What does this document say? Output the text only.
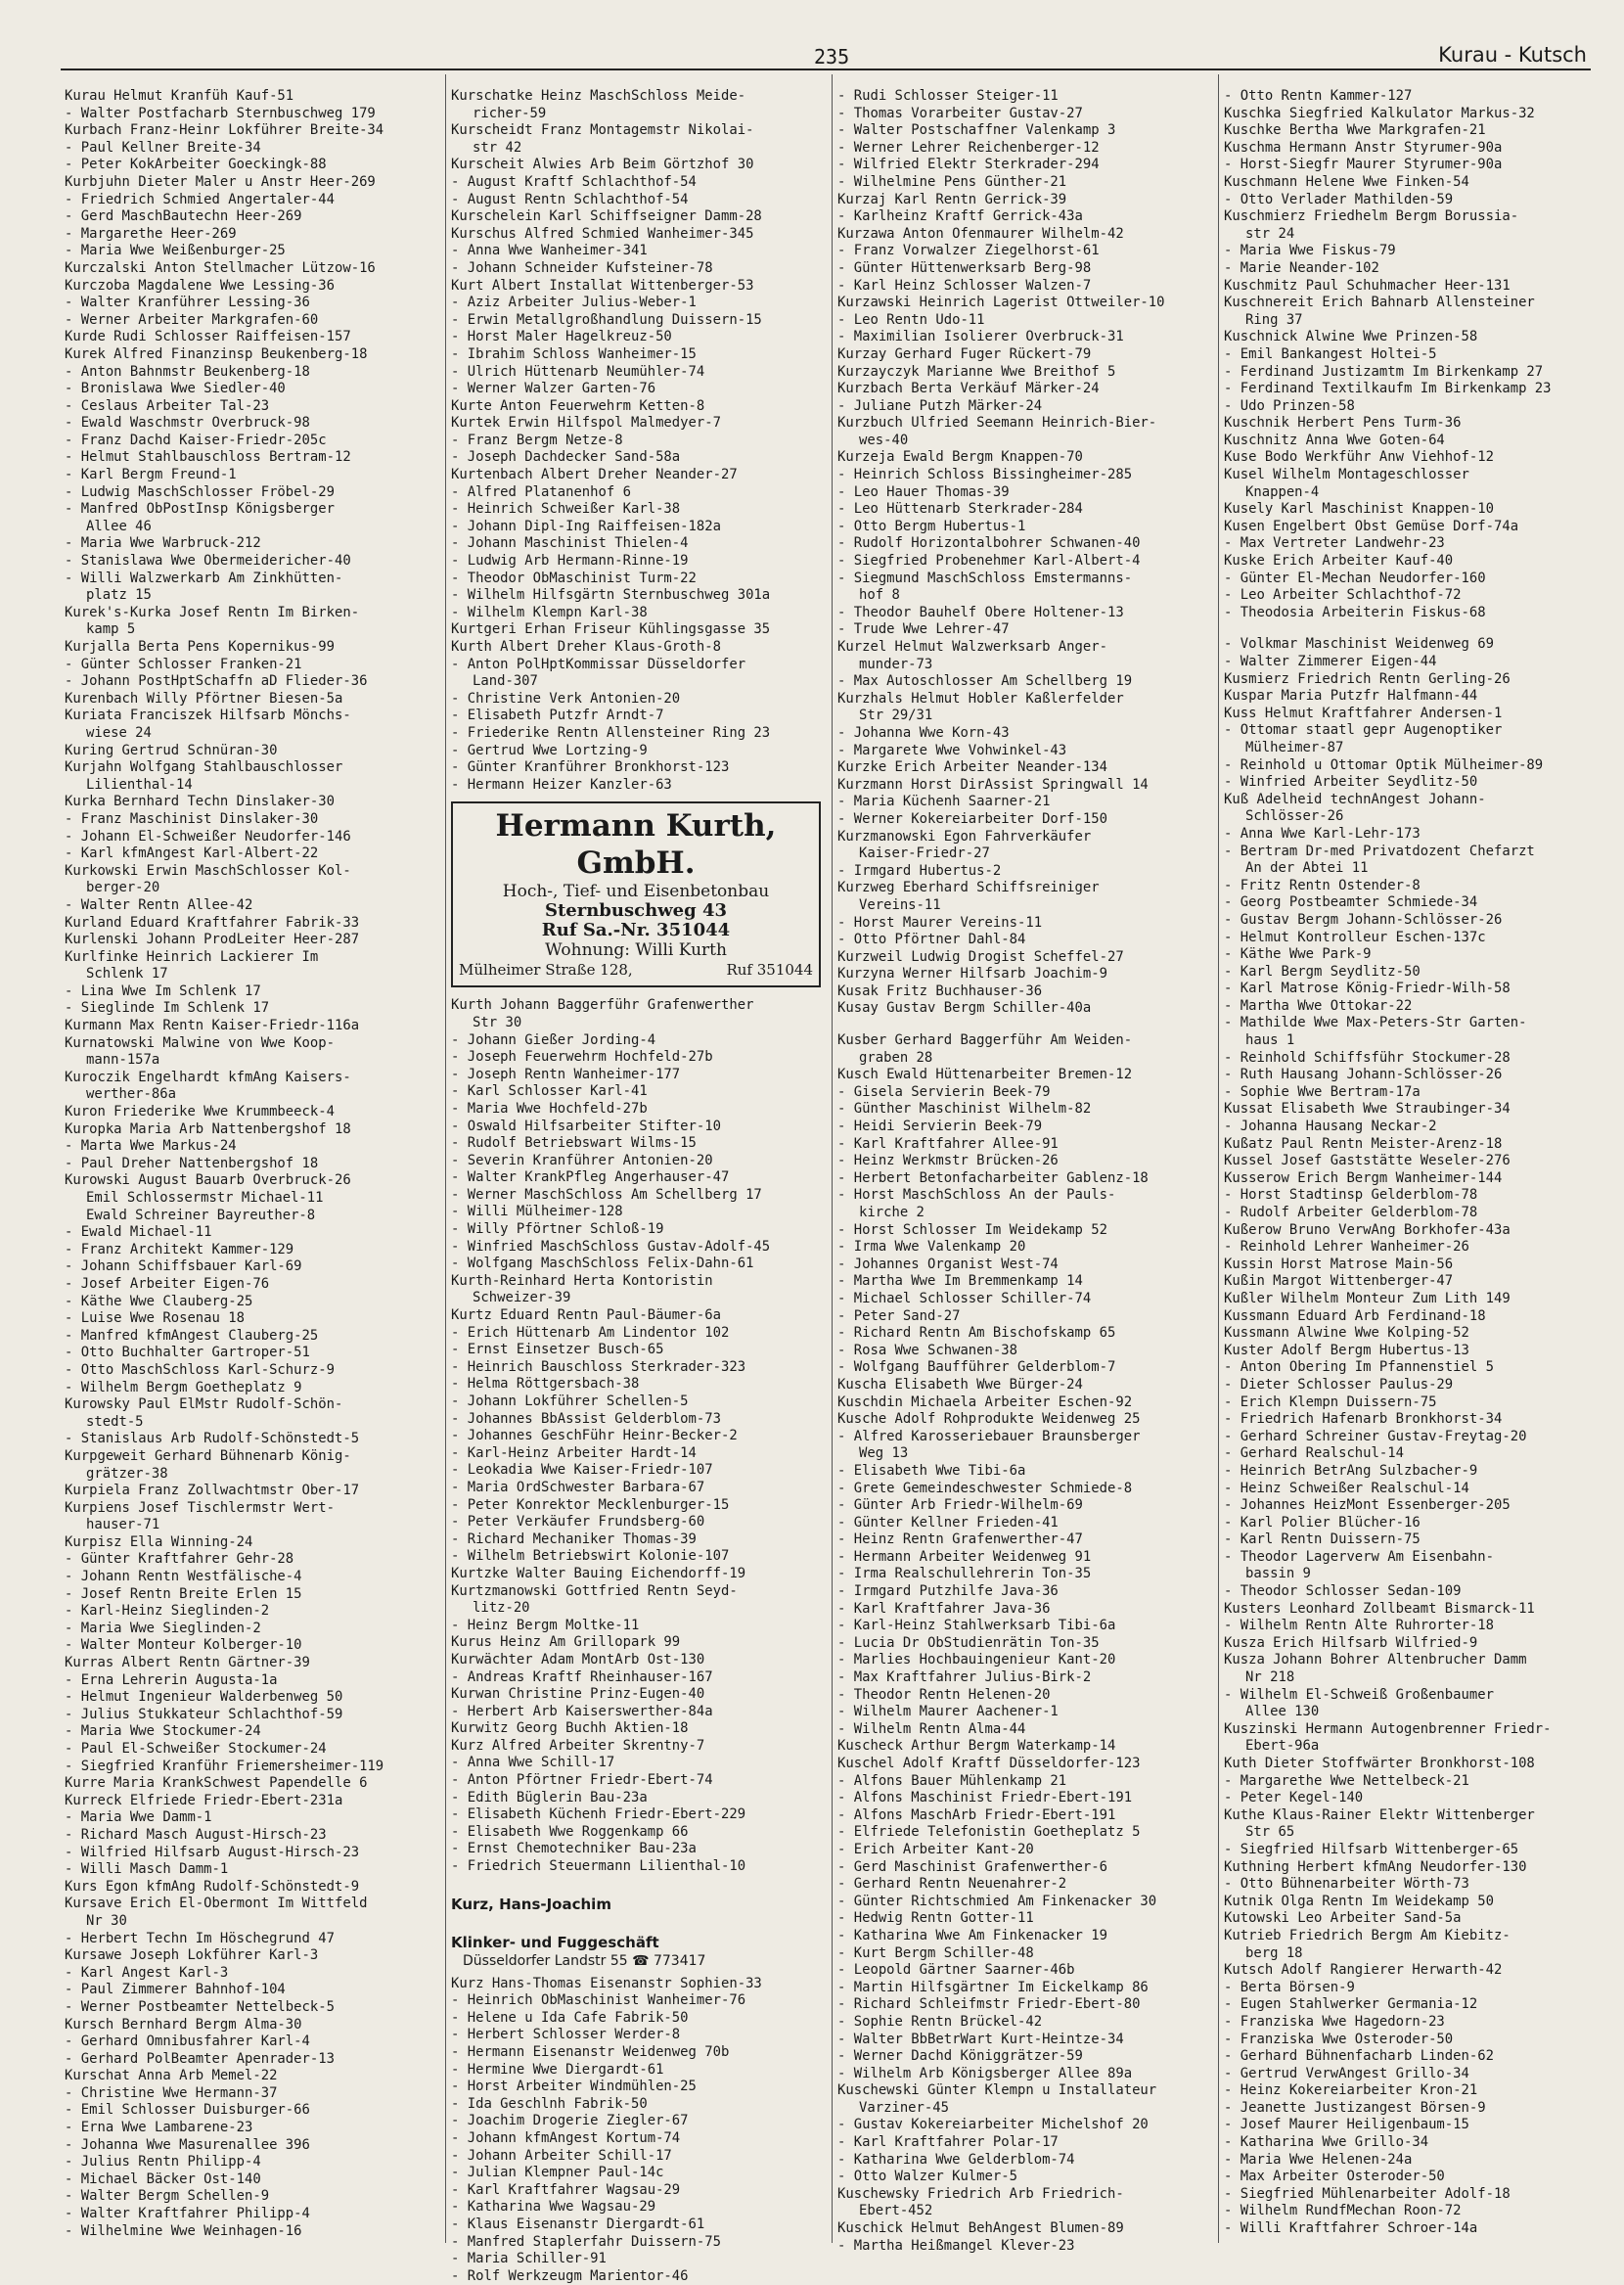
235	Kurau - Kutsch
Kurau Helmut Kranfüh Kauf-51
- Walter Postfacharb Sternbuschweg 179
Kurbach Franz-Heinr Lokführer Breite-34
- Paul Kellner Breite-34
- Peter KokArbeiter Goeckingk-88
Kurbjuhn Dieter Maler u Anstr Heer-269
- Friedrich Schmied Angertaler-44
- Gerd MaschBautechn Heer-269
- Margarethe Heer-269
- Maria Wwe Weißenburger-25
Kurczalski Anton Stellmacher Lützow-16
Kurczoba Magdalene Wwe Lessing-36
- Walter Kranführer Lessing-36
- Werner Arbeiter Markgrafen-60
Kurde Rudi Schlosser Raiffeisen-157
Kurek Alfred Finanzinsp Beukenberg-18
- Anton Bahnmstr Beukenberg-18
- Bronislawa Wwe Siedler-40
- Ceslaus Arbeiter Tal-23
- Ewald Waschmstr Overbruck-98
- Franz Dachd Kaiser-Friedr-205c
- Helmut Stahlbauschloss Bertram-12
- Karl Bergm Freund-1
- Ludwig MaschSchlosser Fröbel-29
- Manfred ObPostInsp Königsberger
Allee 46
- Maria Wwe Warbruck-212
- Stanislawa Wwe Obermeidericher-40
- Willi Walzwerkarb Am Zinkhütten-
platz 15
Kurek's-Kurka Josef Rentn Im Birken-
kamp 5
Kurjalla Berta Pens Kopernikus-99
- Günter Schlosser Franken-21
- Johann PostHptSchaffn aD Flieder-36
Kurenbach Willy Pförtner Biesen-5a
Kuriata Franciszek Hilfsarb Mönchs-
wiese 24
Kuring Gertrud Schnüran-30
Kurjahn Wolfgang Stahlbauschlosser
Lilienthal-14
Kurka Bernhard Techn Dinslaker-30
- Franz Maschinist Dinslaker-30
- Johann El-Schweißer Neudorfer-146
- Karl kfmAngest Karl-Albert-22
Kurkowski Erwin MaschSchlosser Kol-
berger-20
- Walter Rentn Allee-42
Kurland Eduard Kraftfahrer Fabrik-33
Kurlenski Johann ProdLeiter Heer-287
Kurlfinke Heinrich Lackierer Im
Schlenk 17
- Lina Wwe Im Schlenk 17
- Sieglinde Im Schlenk 17
Kurmann Max Rentn Kaiser-Friedr-116a
Kurnatowski Malwine von Wwe Koop-
mann-157a
Kuroczik Engelhardt kfmAng Kaisers-
werther-86a
Kuron Friederike Wwe Krummbeeck-4
Kuropka Maria Arb Nattenbergshof 18
- Marta Wwe Markus-24
- Paul Dreher Nattenbergshof 18
Kurowski August Bauarb Overbruck-26
Emil Schlossermstr Michael-11
Ewald Schreiner Bayreuther-8
- Ewald Michael-11
- Franz Architekt Kammer-129
- Johann Schiffsbauer Karl-69
- Josef Arbeiter Eigen-76
- Käthe Wwe Clauberg-25
- Luise Wwe Rosenau 18
- Manfred kfmAngest Clauberg-25
- Otto Buchhalter Gartroper-51
- Otto MaschSchloss Karl-Schurz-9
- Wilhelm Bergm Goetheplatz 9
Kurowsky Paul ElMstr Rudolf-Schön-
stedt-5
- Stanislaus Arb Rudolf-Schönstedt-5
Kurpgeweit Gerhard Bühnenarb König-
grätzer-38
Kurpiela Franz Zollwachtmstr Ober-17
Kurpiens Josef Tischlermstr Wert-
hauser-71
Kurpisz Ella Winning-24
- Günter Kraftfahrer Gehr-28
- Johann Rentn Westfälische-4
- Josef Rentn Breite Erlen 15
- Karl-Heinz Sieglinden-2
- Maria Wwe Sieglinden-2
- Walter Monteur Kolberger-10
Kurras Albert Rentn Gärtner-39
- Erna Lehrerin Augusta-1a
- Helmut Ingenieur Walderbenweg 50
- Julius Stukkateur Schlachthof-59
- Maria Wwe Stockumer-24
- Paul El-Schweißer Stockumer-24
- Siegfried Kranführ Friemersheimer-119
Kurre Maria KrankSchwest Papendelle 6
Kurreck Elfriede Friedr-Ebert-231a
- Maria Wwe Damm-1
- Richard Masch August-Hirsch-23
- Wilfried Hilfsarb August-Hirsch-23
- Willi Masch Damm-1
Kurs Egon kfmAng Rudolf-Schönstedt-9
Kursave Erich El-Obermont Im Wittfeld
Nr 30
- Herbert Techn Im Höschegrund 47
Kursawe Joseph Lokführer Karl-3
- Karl Angest Karl-3
- Paul Zimmerer Bahnhof-104
- Werner Postbeamter Nettelbeck-5
Kursch Bernhard Bergm Alma-30
- Gerhard Omnibusfahrer Karl-4
- Gerhard PolBeamter Apenrader-13
Kurschat Anna Arb Memel-22
- Christine Wwe Hermann-37
- Emil Schlosser Duisburger-66
- Erna Wwe Lambarene-23
- Johanna Wwe Masurenallee 396
- Julius Rentn Philipp-4
- Michael Bäcker Ost-140
- Walter Bergm Schellen-9
- Walter Kraftfahrer Philipp-4
- Wilhelmine Wwe Weinhagen-16
Kurschatke Heinz MaschSchloss Meide-
richer-59
Kurscheidt Franz Montagemstr Nikolai-
str 42
Kurscheit Alwies Arb Beim Görtzhof 30
- August Kraftf Schlachthof-54
- August Rentn Schlachthof-54
Kurschelein Karl Schiffseigner Damm-28
Kurschus Alfred Schmied Wanheimer-345
- Anna Wwe Wanheimer-341
- Johann Schneider Kufsteiner-78
Kurt Albert Installat Wittenberger-53
- Aziz Arbeiter Julius-Weber-1
- Erwin Metallgroßhandlung Duissern-15
- Horst Maler Hagelkreuz-50
- Ibrahim Schloss Wanheimer-15
- Ulrich Hüttenarb Neumühler-74
- Werner Walzer Garten-76
Kurte Anton Feuerwehrm Ketten-8
Kurtek Erwin Hilfspol Malmedyer-7
- Franz Bergm Netze-8
- Joseph Dachdecker Sand-58a
Kurtenbach Albert Dreher Neander-27
- Alfred Platanenhof 6
- Heinrich Schweißer Karl-38
- Johann Dipl-Ing Raiffeisen-182a
- Johann Maschinist Thielen-4
- Ludwig Arb Hermann-Rinne-19
- Theodor ObMaschinist Turm-22
- Wilhelm Hilfsgärtn Sternbuschweg 301a
- Wilhelm Klempn Karl-38
Kurtgeri Erhan Friseur Kühlingsgasse 35
Kurth Albert Dreher Klaus-Groth-8
- Anton PolHptKommissar Düsseldorfer
Land-307
- Christine Verk Antonien-20
- Elisabeth Putzfr Arndt-7
- Friederike Rentn Allensteiner Ring 23
- Gertrud Wwe Lortzing-9
- Günter Kranführer Bronkhorst-123
- Hermann Heizer Kanzler-63
Hermann Kurth, GmbH.
Hoch-, Tief- und Eisenbetonbau
Sternbuschweg 43
Ruf Sa.-Nr. 351044
Wohnung: Willi Kurth
Mülheimer Straße 128,	Ruf 351044
Kurth Johann Baggerführ Grafenwerther
Str 30
- Johann Gießer Jording-4
- Joseph Feuerwehrm Hochfeld-27b
- Joseph Rentn Wanheimer-177
- Karl Schlosser Karl-41
- Maria Wwe Hochfeld-27b
- Oswald Hilfsarbeiter Stifter-10
- Rudolf Betriebswart Wilms-15
- Severin Kranführer Antonien-20
- Walter KrankPfleg Angerhauser-47
- Werner MaschSchloss Am Schellberg 17
- Willi Mülheimer-128
- Willy Pförtner Schloß-19
- Winfried MaschSchloss Gustav-Adolf-45
- Wolfgang MaschSchloss Felix-Dahn-61
Kurth-Reinhard Herta Kontoristin
Schweizer-39
Kurtz Eduard Rentn Paul-Bäumer-6a
- Erich Hüttenarb Am Lindentor 102
- Ernst Einsetzer Busch-65
- Heinrich Bauschloss Sterkrader-323
- Helma Röttgersbach-38
- Johann Lokführer Schellen-5
- Johannes BbAssist Gelderblom-73
- Johannes GeschFühr Heinr-Becker-2
- Karl-Heinz Arbeiter Hardt-14
- Leokadia Wwe Kaiser-Friedr-107
- Maria OrdSchwester Barbara-67
- Peter Konrektor Mecklenburger-15
- Peter Verkäufer Frundsberg-60
- Richard Mechaniker Thomas-39
- Wilhelm Betriebswirt Kolonie-107
Kurtzke Walter Bauing Eichendorff-19
Kurtzmanowski Gottfried Rentn Seyd-
litz-20
- Heinz Bergm Moltke-11
Kurus Heinz Am Grillopark 99
Kurwächter Adam MontArb Ost-130
- Andreas Kraftf Rheinhauser-167
Kurwan Christine Prinz-Eugen-40
- Herbert Arb Kaiserswerther-84a
Kurwitz Georg Buchh Aktien-18
Kurz Alfred Arbeiter Skrentny-7
- Anna Wwe Schill-17
- Anton Pförtner Friedr-Ebert-74
- Edith Büglerin Bau-23a
- Elisabeth Küchenh Friedr-Ebert-229
- Elisabeth Wwe Roggenkamp 66
- Ernst Chemotechniker Bau-23a
- Friedrich Steuermann Lilienthal-10
Kurz, Hans-Joachim
Klinker- und Fuggeschäft
Düsseldorfer Landstr 55 ☎ 773417
Kurz Hans-Thomas Eisenanstr Sophien-33
- Heinrich ObMaschinist Wanheimer-76
- Helene u Ida Cafe Fabrik-50
- Herbert Schlosser Werder-8
- Hermann Eisenanstr Weidenweg 70b
- Hermine Wwe Diergardt-61
- Horst Arbeiter Windmühlen-25
- Ida Geschlnh Fabrik-50
- Joachim Drogerie Ziegler-67
- Johann kfmAngest Kortum-74
- Johann Arbeiter Schill-17
- Julian Klempner Paul-14c
- Karl Kraftfahrer Wagsau-29
- Katharina Wwe Wagsau-29
- Klaus Eisenanstr Diergardt-61
- Manfred Staplerfahr Duissern-75
- Maria Schiller-91
- Rolf Werkzeugm Marientor-46
- Rudi Schlosser Steiger-11
- Thomas Vorarbeiter Gustav-27
- Walter Postschaffner Valenkamp 3
- Werner Lehrer Reichenberger-12
- Wilfried Elektr Sterkrader-294
- Wilhelmine Pens Günther-21
Kurzaj Karl Rentn Gerrick-39
- Karlheinz Kraftf Gerrick-43a
Kurzawa Anton Ofenmaurer Wilhelm-42
- Franz Vorwalzer Ziegelhorst-61
- Günter Hüttenwerksarb Berg-98
- Karl Heinz Schlosser Walzen-7
Kurzawski Heinrich Lagerist Ottweiler-10
- Leo Rentn Udo-11
- Maximilian Isolierer Overbruck-31
Kurzay Gerhard Fuger Rückert-79
Kurzayczyk Marianne Wwe Breithof 5
Kurzbach Berta Verkäuf Märker-24
- Juliane Putzh Märker-24
Kurzbuch Ulfried Seemann Heinrich-Bier-
wes-40
Kurzeja Ewald Bergm Knappen-70
- Heinrich Schloss Bissingheimer-285
- Leo Hauer Thomas-39
- Leo Hüttenarb Sterkrader-284
- Otto Bergm Hubertus-1
- Rudolf Horizontalbohrer Schwanen-40
- Siegfried Probenehmer Karl-Albert-4
- Siegmund MaschSchloss Emstermanns-
hof 8
- Theodor Bauhelf Obere Holtener-13
- Trude Wwe Lehrer-47
Kurzel Helmut Walzwerksarb Anger-
munder-73
- Max Autoschlosser Am Schellberg 19
Kurzhals Helmut Hobler Kaßlerfelder
Str 29/31
- Johanna Wwe Korn-43
- Margarete Wwe Vohwinkel-43
Kurzke Erich Arbeiter Neander-134
Kurzmann Horst DirAssist Springwall 14
- Maria Küchenh Saarner-21
- Werner Kokereiarbeiter Dorf-150
Kurzmanowski Egon Fahrverkäufer
Kaiser-Friedr-27
- Irmgard Hubertus-2
Kurzweg Eberhard Schiffsreiniger
Vereins-11
- Horst Maurer Vereins-11
- Otto Pförtner Dahl-84
Kurzweil Ludwig Drogist Scheffel-27
Kurzyna Werner Hilfsarb Joachim-9
Kusak Fritz Buchhauser-36
Kusay Gustav Bergm Schiller-40a
Kusber Gerhard Baggerführ Am Weiden-
graben 28
Kusch Ewald Hüttenarbeiter Bremen-12
- Gisela Servierin Beek-79
- Günther Maschinist Wilhelm-82
- Heidi Servierin Beek-79
- Karl Kraftfahrer Allee-91
- Heinz Werkmstr Brücken-26
- Herbert Betonfacharbeiter Gablenz-18
- Horst MaschSchloss An der Pauls-
kirche 2
- Horst Schlosser Im Weidekamp 52
- Irma Wwe Valenkamp 20
- Johannes Organist West-74
- Martha Wwe Im Bremmenkamp 14
- Michael Schlosser Schiller-74
- Peter Sand-27
- Richard Rentn Am Bischofskamp 65
- Rosa Wwe Schwanen-38
- Wolfgang Baufführer Gelderblom-7
Kuscha Elisabeth Wwe Bürger-24
Kuschdin Michaela Arbeiter Eschen-92
Kusche Adolf Rohprodukte Weidenweg 25
- Alfred Karosseriebauer Braunsberger
Weg 13
- Elisabeth Wwe Tibi-6a
- Grete Gemeindeschwester Schmiede-8
- Günter Arb Friedr-Wilhelm-69
- Günter Kellner Frieden-41
- Heinz Rentn Grafenwerther-47
- Hermann Arbeiter Weidenweg 91
- Irma Realschullehrerin Ton-35
- Irmgard Putzhilfe Java-36
- Karl Kraftfahrer Java-36
- Karl-Heinz Stahlwerksarb Tibi-6a
- Lucia Dr ObStudienrätin Ton-35
- Marlies Hochbauingenieur Kant-20
- Max Kraftfahrer Julius-Birk-2
- Theodor Rentn Helenen-20
- Wilhelm Maurer Aachener-1
- Wilhelm Rentn Alma-44
Kuscheck Arthur Bergm Waterkamp-14
Kuschel Adolf Kraftf Düsseldorfer-123
- Alfons Bauer Mühlenkamp 21
- Alfons Maschinist Friedr-Ebert-191
- Alfons MaschArb Friedr-Ebert-191
- Elfriede Telefonistin Goetheplatz 5
- Erich Arbeiter Kant-20
- Gerd Maschinist Grafenwerther-6
- Gerhard Rentn Neuenahrer-2
- Günter Richtschmied Am Finkenacker 30
- Hedwig Rentn Gotter-11
- Katharina Wwe Am Finkenacker 19
- Kurt Bergm Schiller-48
- Leopold Gärtner Saarner-46b
- Martin Hilfsgärtner Im Eickelkamp 86
- Richard Schleifmstr Friedr-Ebert-80
- Sophie Rentn Brückel-42
- Walter BbBetrWart Kurt-Heintze-34
- Werner Dachd Königgrätzer-59
- Wilhelm Arb Königsberger Allee 89a
Kuschewski Günter Klempn u Installateur
Varziner-45
- Gustav Kokereiarbeiter Michelshof 20
- Karl Kraftfahrer Polar-17
- Katharina Wwe Gelderblom-74
- Otto Walzer Kulmer-5
Kuschewsky Friedrich Arb Friedrich-
Ebert-452
Kuschick Helmut BehAngest Blumen-89
- Martha Heißmangel Klever-23
- Otto Rentn Kammer-127
Kuschka Siegfried Kalkulator Markus-32
Kuschke Bertha Wwe Markgrafen-21
Kuschma Hermann Anstr Styrumer-90a
- Horst-Siegfr Maurer Styrumer-90a
Kuschmann Helene Wwe Finken-54
- Otto Verlader Mathilden-59
Kuschmierz Friedhelm Bergm Borussia-
str 24
- Maria Wwe Fiskus-79
- Marie Neander-102
Kuschmitz Paul Schuhmacher Heer-131
Kuschnereit Erich Bahnarb Allensteiner
Ring 37
Kuschnick Alwine Wwe Prinzen-58
- Emil Bankangest Holtei-5
- Ferdinand Justizamtm Im Birkenkamp 27
- Ferdinand Textilkaufm Im Birkenkamp 23
- Udo Prinzen-58
Kuschnik Herbert Pens Turm-36
Kuschnitz Anna Wwe Goten-64
Kuse Bodo Werkführ Anw Viehhof-12
Kusel Wilhelm Montageschlosser
Knappen-4
Kusely Karl Maschinist Knappen-10
Kusen Engelbert Obst Gemüse Dorf-74a
- Max Vertreter Landwehr-23
Kuske Erich Arbeiter Kauf-40
- Günter El-Mechan Neudorfer-160
- Leo Arbeiter Schlachthof-72
- Theodosia Arbeiterin Fiskus-68
- Volkmar Maschinist Weidenweg 69
- Walter Zimmerer Eigen-44
Kusmierz Friedrich Rentn Gerling-26
Kuspar Maria Putzfr Halfmann-44
Kuss Helmut Kraftfahrer Andersen-1
- Ottomar staatl gepr Augenoptiker
Mülheimer-87
- Reinhold u Ottomar Optik Mülheimer-89
- Winfried Arbeiter Seydlitz-50
Kuß Adelheid technAngest Johann-
Schlösser-26
- Anna Wwe Karl-Lehr-173
- Bertram Dr-med Privatdozent Chefarzt
An der Abtei 11
- Fritz Rentn Ostender-8
- Georg Postbeamter Schmiede-34
- Gustav Bergm Johann-Schlösser-26
- Helmut Kontrolleur Eschen-137c
- Käthe Wwe Park-9
- Karl Bergm Seydlitz-50
- Karl Matrose König-Friedr-Wilh-58
- Martha Wwe Ottokar-22
- Mathilde Wwe Max-Peters-Str Garten-
haus 1
- Reinhold Schiffsführ Stockumer-28
- Ruth Hausang Johann-Schlösser-26
- Sophie Wwe Bertram-17a
Kussat Elisabeth Wwe Straubinger-34
- Johanna Hausang Neckar-2
Kußatz Paul Rentn Meister-Arenz-18
Kussel Josef Gaststätte Weseler-276
Kusserow Erich Bergm Wanheimer-144
- Horst Stadtinsp Gelderblom-78
- Rudolf Arbeiter Gelderblom-78
Kußerow Bruno VerwAng Borkhofer-43a
- Reinhold Lehrer Wanheimer-26
Kussin Horst Matrose Main-56
Kußin Margot Wittenberger-47
Kußler Wilhelm Monteur Zum Lith 149
Kussmann Eduard Arb Ferdinand-18
Kussmann Alwine Wwe Kolping-52
Kuster Adolf Bergm Hubertus-13
- Anton Obering Im Pfannenstiel 5
- Dieter Schlosser Paulus-29
- Erich Klempn Duissern-75
- Friedrich Hafenarb Bronkhorst-34
- Gerhard Schreiner Gustav-Freytag-20
- Gerhard Realschul-14
- Heinrich BetrAng Sulzbacher-9
- Heinz Schweißer Realschul-14
- Johannes HeizMont Essenberger-205
- Karl Polier Blücher-16
- Karl Rentn Duissern-75
- Theodor Lagerverw Am Eisenbahn-
bassin 9
- Theodor Schlosser Sedan-109
Kusters Leonhard Zollbeamt Bismarck-11
- Wilhelm Rentn Alte Ruhrorter-18
Kusza Erich Hilfsarb Wilfried-9
Kusza Johann Bohrer Altenbrucher Damm
Nr 218
- Wilhelm El-Schweiß Großenbaumer
Allee 130
Kuszinski Hermann Autogenbrenner Friedr-
Ebert-96a
Kuth Dieter Stoffwärter Bronkhorst-108
- Margarethe Wwe Nettelbeck-21
- Peter Kegel-140
Kuthe Klaus-Rainer Elektr Wittenberger
Str 65
- Siegfried Hilfsarb Wittenberger-65
Kuthning Herbert kfmAng Neudorfer-130
- Otto Bühnenarbeiter Wörth-73
Kutnik Olga Rentn Im Weidekamp 50
Kutowski Leo Arbeiter Sand-5a
Kutrieb Friedrich Bergm Am Kiebitz-
berg 18
Kutsch Adolf Rangierer Herwarth-42
- Berta Börsen-9
- Eugen Stahlwerker Germania-12
- Franziska Wwe Hagedorn-23
- Franziska Wwe Osteroder-50
- Gerhard Bühnenfacharb Linden-62
- Gertrud VerwAngest Grillo-34
- Heinz Kokereiarbeiter Kron-21
- Jeanette Justizangest Börsen-9
- Josef Maurer Heiligenbaum-15
- Katharina Wwe Grillo-34
- Maria Wwe Helenen-24a
- Max Arbeiter Osteroder-50
- Siegfried Mühlenarbeiter Adolf-18
- Wilhelm RundfMechan Roon-72
- Willi Kraftfahrer Schroer-14a
